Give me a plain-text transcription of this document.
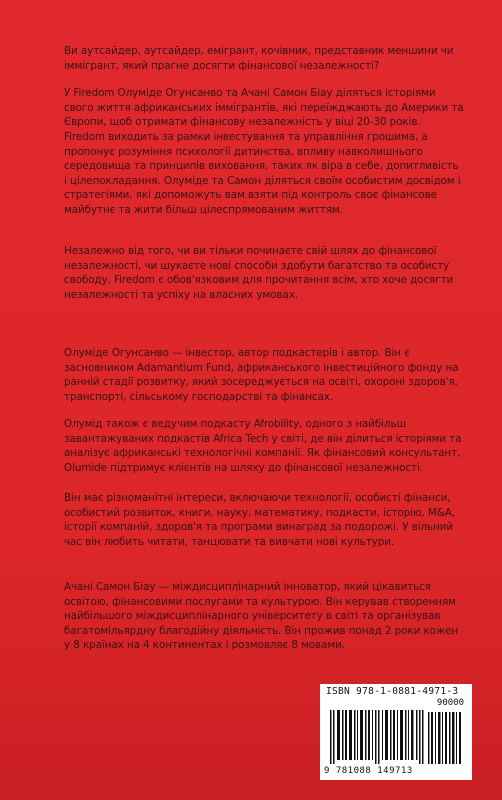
Ви аутсайдер, аутсайдер, емігрант, кочівник, представник меншини чи іммігрант, який прагне досягти фінансової незалежності?

У Firedom Олуміде Огунсанво та Ачані Самон Біау діляться історіями свого життя африканських іммігрантів, які переїжджають до Америки та Європи, щоб отримати фінансову незалежність у віці 20-30 років.

Firedom виходить за рамки інвестування та управління грошима, а пропонує розуміння психології дитинства, впливу навколишнього середовища та принципів виховання, таких як віра в себе, допитливість і цілепокладання. Олуміде та Самон діляться своїм особистим досвідом і стратегіями, які допоможуть вам взяти під контроль своє фінансове майбутнє та жити більш цілеспрямованим життям.

Незалежно від того, чи ви тільки починаєте свій шлях до фінансової незалежності, чи шукаєте нові способи здобути багатство та особисту свободу, Firedom є обов'язковим для прочитання всім, хто хоче досягти незалежності та успіху на власних умовах.

Олуміде Огунсанво — інвестор, автор подкастерів і автор. Він є засновником Adamantium Fund, африканського інвестиційного фонду на ранній стадії розвитку, який зосереджується на освіті, охороні здоров'я, транспорті, сільському господарстві та фінансах.

Олумід також є ведучим подкасту Afrobility, одного з найбільш завантажуваних подкастів Africa Tech у світі, де він ділиться історіями та аналізує африканські технологічні компанії. Як фінансовий консультант, Olumide підтримує клієнтів на шляху до фінансової незалежності.

Він має різноманітні інтереси, включаючи технології, особисті фінанси, особистий розвиток, книги, науку, математику, подкасти, історію, M&A, історії компаній, здоров'я та програми винаград за подорожі. У вільний час він любить читати, танцювати та вивчати нові культури.

Ачані Самон Біау — міждисциплінарний інноватор, який цікавиться освітою, фінансовими послугами та культурою. Він керував створенням найбільшого міждисциплінарного університету в світі та організував багатомільярдну благодійну діяльність. Він прожив понад 2 роки кожен у 8 країнах на 4 континентах і розмовляє 8 мовами.

ISBN 978-1-0881-4971-3
90000
9 781088 149713
